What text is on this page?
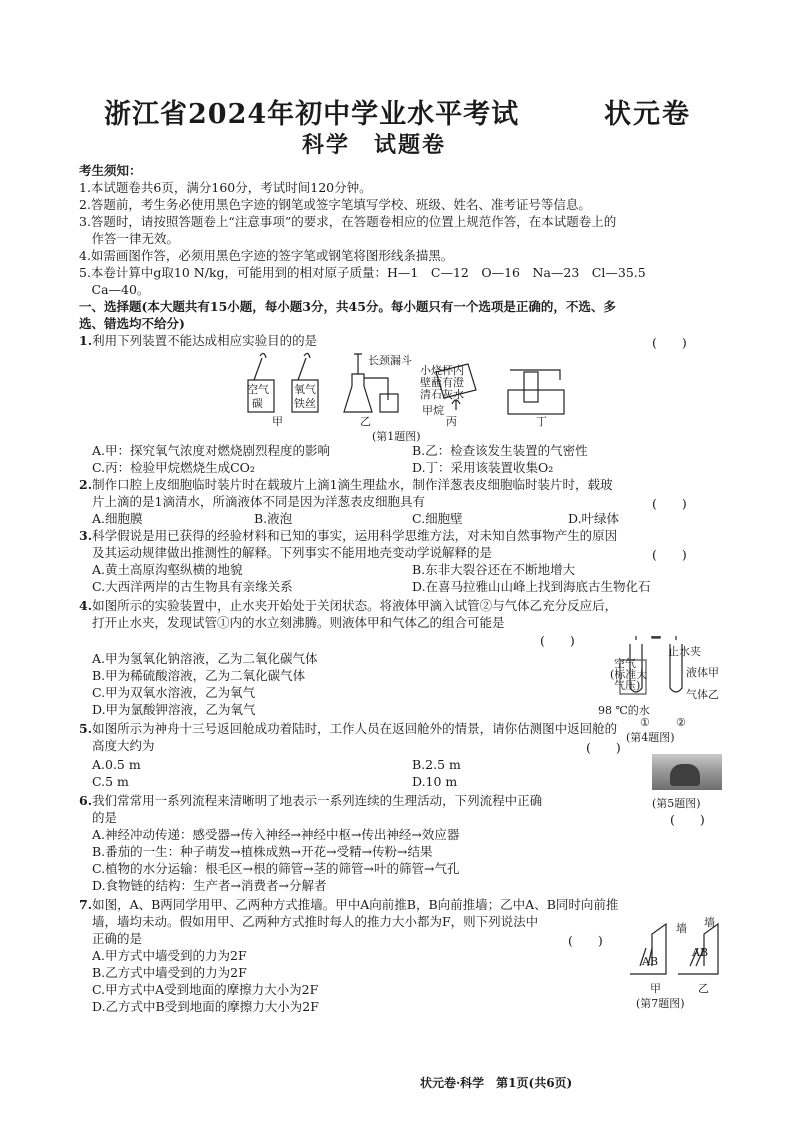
浙江省2024年初中学业水平考试	状元卷
科学　试题卷
考生须知：
1.本试题卷共6页，满分160分，考试时间120分钟。
2.答题前，考生务必使用黑色字迹的钢笔或签字笔填写学校、班级、姓名、准考证号等信息。
3.答题时，请按照答题卷上“注意事项”的要求，在答题卷相应的位置上规范作答，在本试题卷上的
　作答一律无效。
4.如需画图作答，必须用黑色字迹的签字笔或钢笔将图形线条描黑。
5.本卷计算中g取10 N/kg，可能用到的相对原子质量：H—1　C—12　O—16　Na—23　Cl—35.5
　Ca—40。
一、选择题(本大题共有15小题，每小题3分，共45分。每小题只有一个选项是正确的，不选、多
选、错选均不给分)
1.利用下列装置不能达成相应实验目的的是	(　　)
空气
碳
氧气
铁丝
长颈漏斗
小烧杯内
壁蘸有澄
清石灰水
甲烷
甲	乙	丙	丁
(第1题图)
A.甲：探究氧气浓度对燃烧剧烈程度的影响	B.乙：检查该发生装置的气密性
C.丙：检验甲烷燃烧生成CO₂	D.丁：采用该装置收集O₂
2.制作口腔上皮细胞临时装片时在载玻片上滴1滴生理盐水，制作洋葱表皮细胞临时装片时，载玻
片上滴的是1滴清水，所滴液体不同是因为洋葱表皮细胞具有	(　　)
A.细胞膜	B.液泡	C.细胞壁	D.叶绿体
3.科学假说是用已获得的经验材料和已知的事实，运用科学思维方法，对未知自然事物产生的原因
及其运动规律做出推测性的解释。下列事实不能用地壳变动学说解释的是	(　　)
A.黄土高原沟壑纵横的地貌	B.东非大裂谷还在不断地增大
C.大西洋两岸的古生物具有亲缘关系	D.在喜马拉雅山山峰上找到海底古生物化石
4.如图所示的实验装置中，止水夹开始处于关闭状态。将液体甲滴入试管②与气体乙充分反应后，
打开止水夹，发现试管①内的水立刻沸腾。则液体甲和气体乙的组合可能是
(　　)
止水夹
空气
(标准大
气压)
液体甲
气体乙
98 ℃的水
① ②
(第4题图)
A.甲为氢氧化钠溶液，乙为二氧化碳气体
B.甲为稀硫酸溶液，乙为二氧化碳气体
C.甲为双氧水溶液，乙为氧气
D.甲为氯酸钾溶液，乙为氧气
5.如图所示为神舟十三号返回舱成功着陆时，工作人员在返回舱外的情景，请你估测图中返回舱的
高度大约为	(　　)
A.0.5 m	B.2.5 m
C.5 m	D.10 m
6.我们常常用一系列流程来清晰明了地表示一系列连续的生理活动，下列流程中正确	(第5题图)
的是	(　　)
A.神经冲动传递：感受器→传入神经→神经中枢→传出神经→效应器
B.番茄的一生：种子萌发→植株成熟→开花→受精→传粉→结果
C.植物的水分运输：根毛区→根的筛管→茎的筛管→叶的筛管→气孔
D.食物链的结构：生产者→消费者→分解者
7.如图，A、B两同学用甲、乙两种方式推墙。甲中A向前推B，B向前推墙；乙中A、B同时向前推
墙，墙均未动。假如用甲、乙两种方式推时每人的推力大小都为F，则下列说法中
正确的是	(　　)
墙 墙
AB
AB
甲	乙
(第7题图)
A.甲方式中墙受到的力为2F
B.乙方式中墙受到的力为2F
C.甲方式中A受到地面的摩擦力大小为2F
D.乙方式中B受到地面的摩擦力大小为2F
状元卷·科学　第1页(共6页)
